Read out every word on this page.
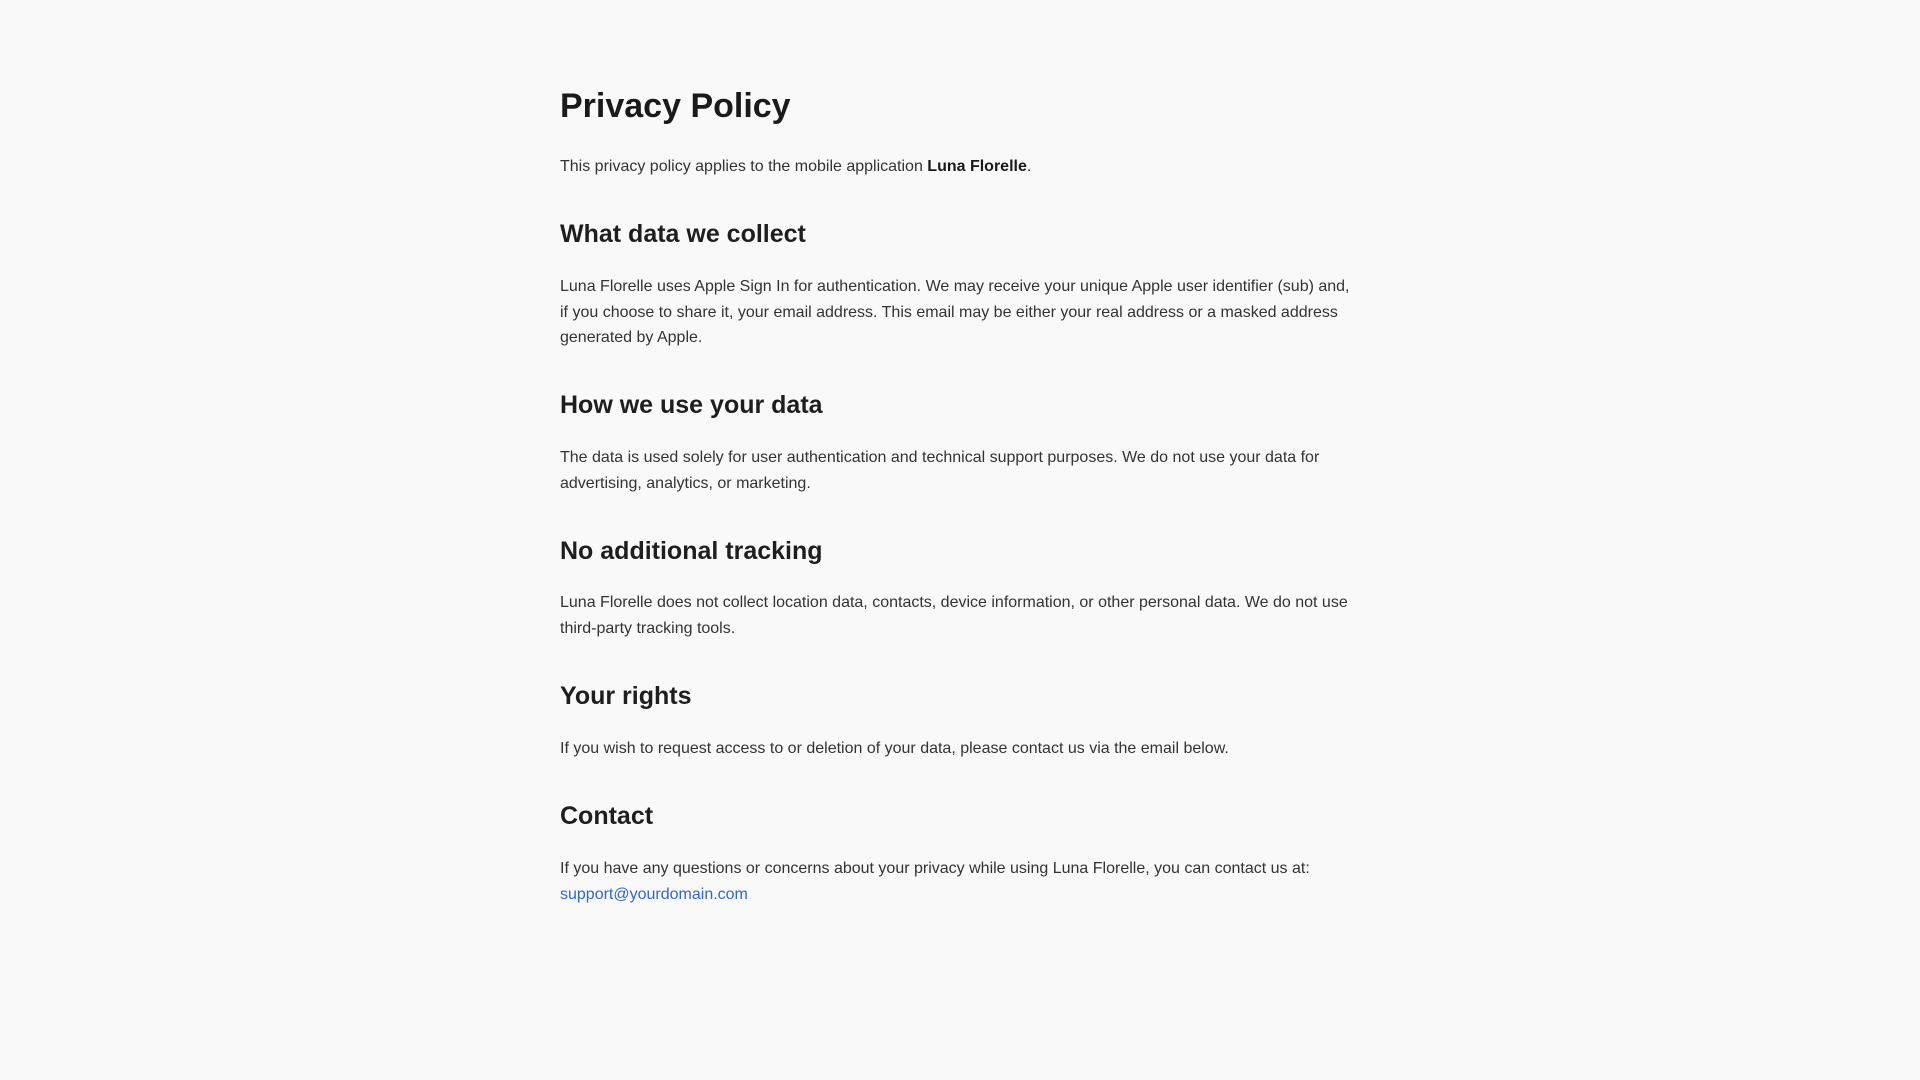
Privacy Policy

This privacy policy applies to the mobile application Luna Florelle.

What data we collect

Luna Florelle uses Apple Sign In for authentication. We may receive your unique Apple user identifier (sub) and, if you choose to share it, your email address. This email may be either your real address or a masked address generated by Apple.

How we use your data

The data is used solely for user authentication and technical support purposes. We do not use your data for advertising, analytics, or marketing.

No additional tracking

Luna Florelle does not collect location data, contacts, device information, or other personal data. We do not use third-party tracking tools.

Your rights

If you wish to request access to or deletion of your data, please contact us via the email below.

Contact

If you have any questions or concerns about your privacy while using Luna Florelle, you can contact us at:
support@yourdomain.com
